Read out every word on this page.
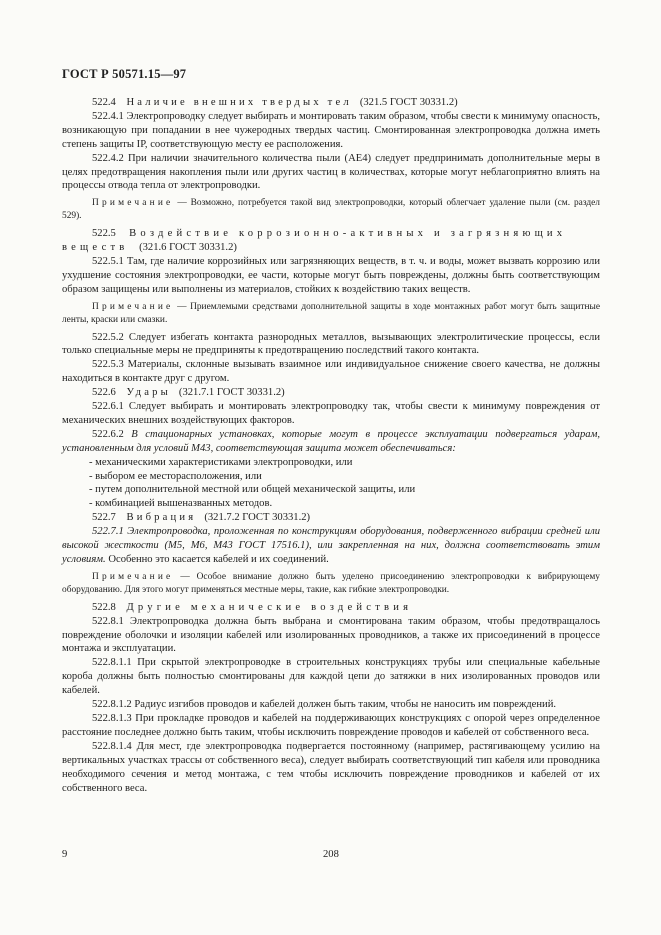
ГОСТ Р 50571.15—97

522.4 Наличие внешних твердых тел (321.5 ГОСТ 30331.2)

522.4.1 Электропроводку следует выбирать и монтировать таким образом, чтобы свести к минимуму опасность, возникающую при попадании в нее чужеродных твердых частиц. Смонтированная электропроводка должна иметь степень защиты IP, соответствующую месту ее расположения.

522.4.2 При наличии значительного количества пыли (АЕ4) следует предпринимать дополнительные меры в целях предотвращения накопления пыли или других частиц в количествах, которые могут неблагоприятно влиять на процессы отвода тепла от электропроводки.

Примечание — Возможно, потребуется такой вид электропроводки, который облегчает удаление пыли (см. раздел 529).

522.5 Воздействие коррозионно-активных и загрязняющих веществ (321.6 ГОСТ 30331.2)

522.5.1 Там, где наличие коррозийных или загрязняющих веществ, в т. ч. и воды, может вызвать коррозию или ухудшение состояния электропроводки, ее части, которые могут быть повреждены, должны быть соответствующим образом защищены или выполнены из материалов, стойких к воздействию таких веществ.

Примечание — Приемлемыми средствами дополнительной защиты в ходе монтажных работ могут быть защитные ленты, краски или смазки.

522.5.2 Следует избегать контакта разнородных металлов, вызывающих электролитические процессы, если только специальные меры не предприняты к предотвращению последствий такого контакта.

522.5.3 Материалы, склонные вызывать взаимное или индивидуальное снижение своего качества, не должны находиться в контакте друг с другом.

522.6 Удары (321.7.1 ГОСТ 30331.2)

522.6.1 Следует выбирать и монтировать электропроводку так, чтобы свести к минимуму повреждения от механических внешних воздействующих факторов.

522.6.2 В стационарных установках, которые могут в процессе эксплуатации подвергаться ударам, установленным для условий М43, соответствующая защита может обеспечиваться:

- механическими характеристиками электропроводки, или

- выбором ее месторасположения, или

- путем дополнительной местной или общей механической защиты, или

- комбинацией вышеназванных методов.

522.7 Вибрация (321.7.2 ГОСТ 30331.2)

522.7.1 Электропроводка, проложенная по конструкциям оборудования, подверженного вибрации средней или высокой жесткости (М5, М6, М43 ГОСТ 17516.1), или закрепленная на них, должна соответствовать этим условиям. Особенно это касается кабелей и их соединений.

Примечание — Особое внимание должно быть уделено присоединению электропроводки к вибрирующему оборудованию. Для этого могут применяться местные меры, такие, как гибкие электропроводки.

522.8 Другие механические воздействия

522.8.1 Электропроводка должна быть выбрана и смонтирована таким образом, чтобы предотвращалось повреждение оболочки и изоляции кабелей или изолированных проводников, а также их присоединений в процессе монтажа и эксплуатации.

522.8.1.1 При скрытой электропроводке в строительных конструкциях трубы или специальные кабельные короба должны быть полностью смонтированы для каждой цепи до затяжки в них изолированных проводов или кабелей.

522.8.1.2 Радиус изгибов проводов и кабелей должен быть таким, чтобы не наносить им повреждений.

522.8.1.3 При прокладке проводов и кабелей на поддерживающих конструкциях с опорой через определенное расстояние последнее должно быть таким, чтобы исключить повреждение проводов и кабелей от собственного веса.

522.8.1.4 Для мест, где электропроводка подвергается постоянному (например, растягивающему усилию на вертикальных участках трассы от собственного веса), следует выбирать соответствующий тип кабеля или проводника необходимого сечения и метод монтажа, с тем чтобы исключить повреждение проводников и кабелей от их собственного веса.

9	208
